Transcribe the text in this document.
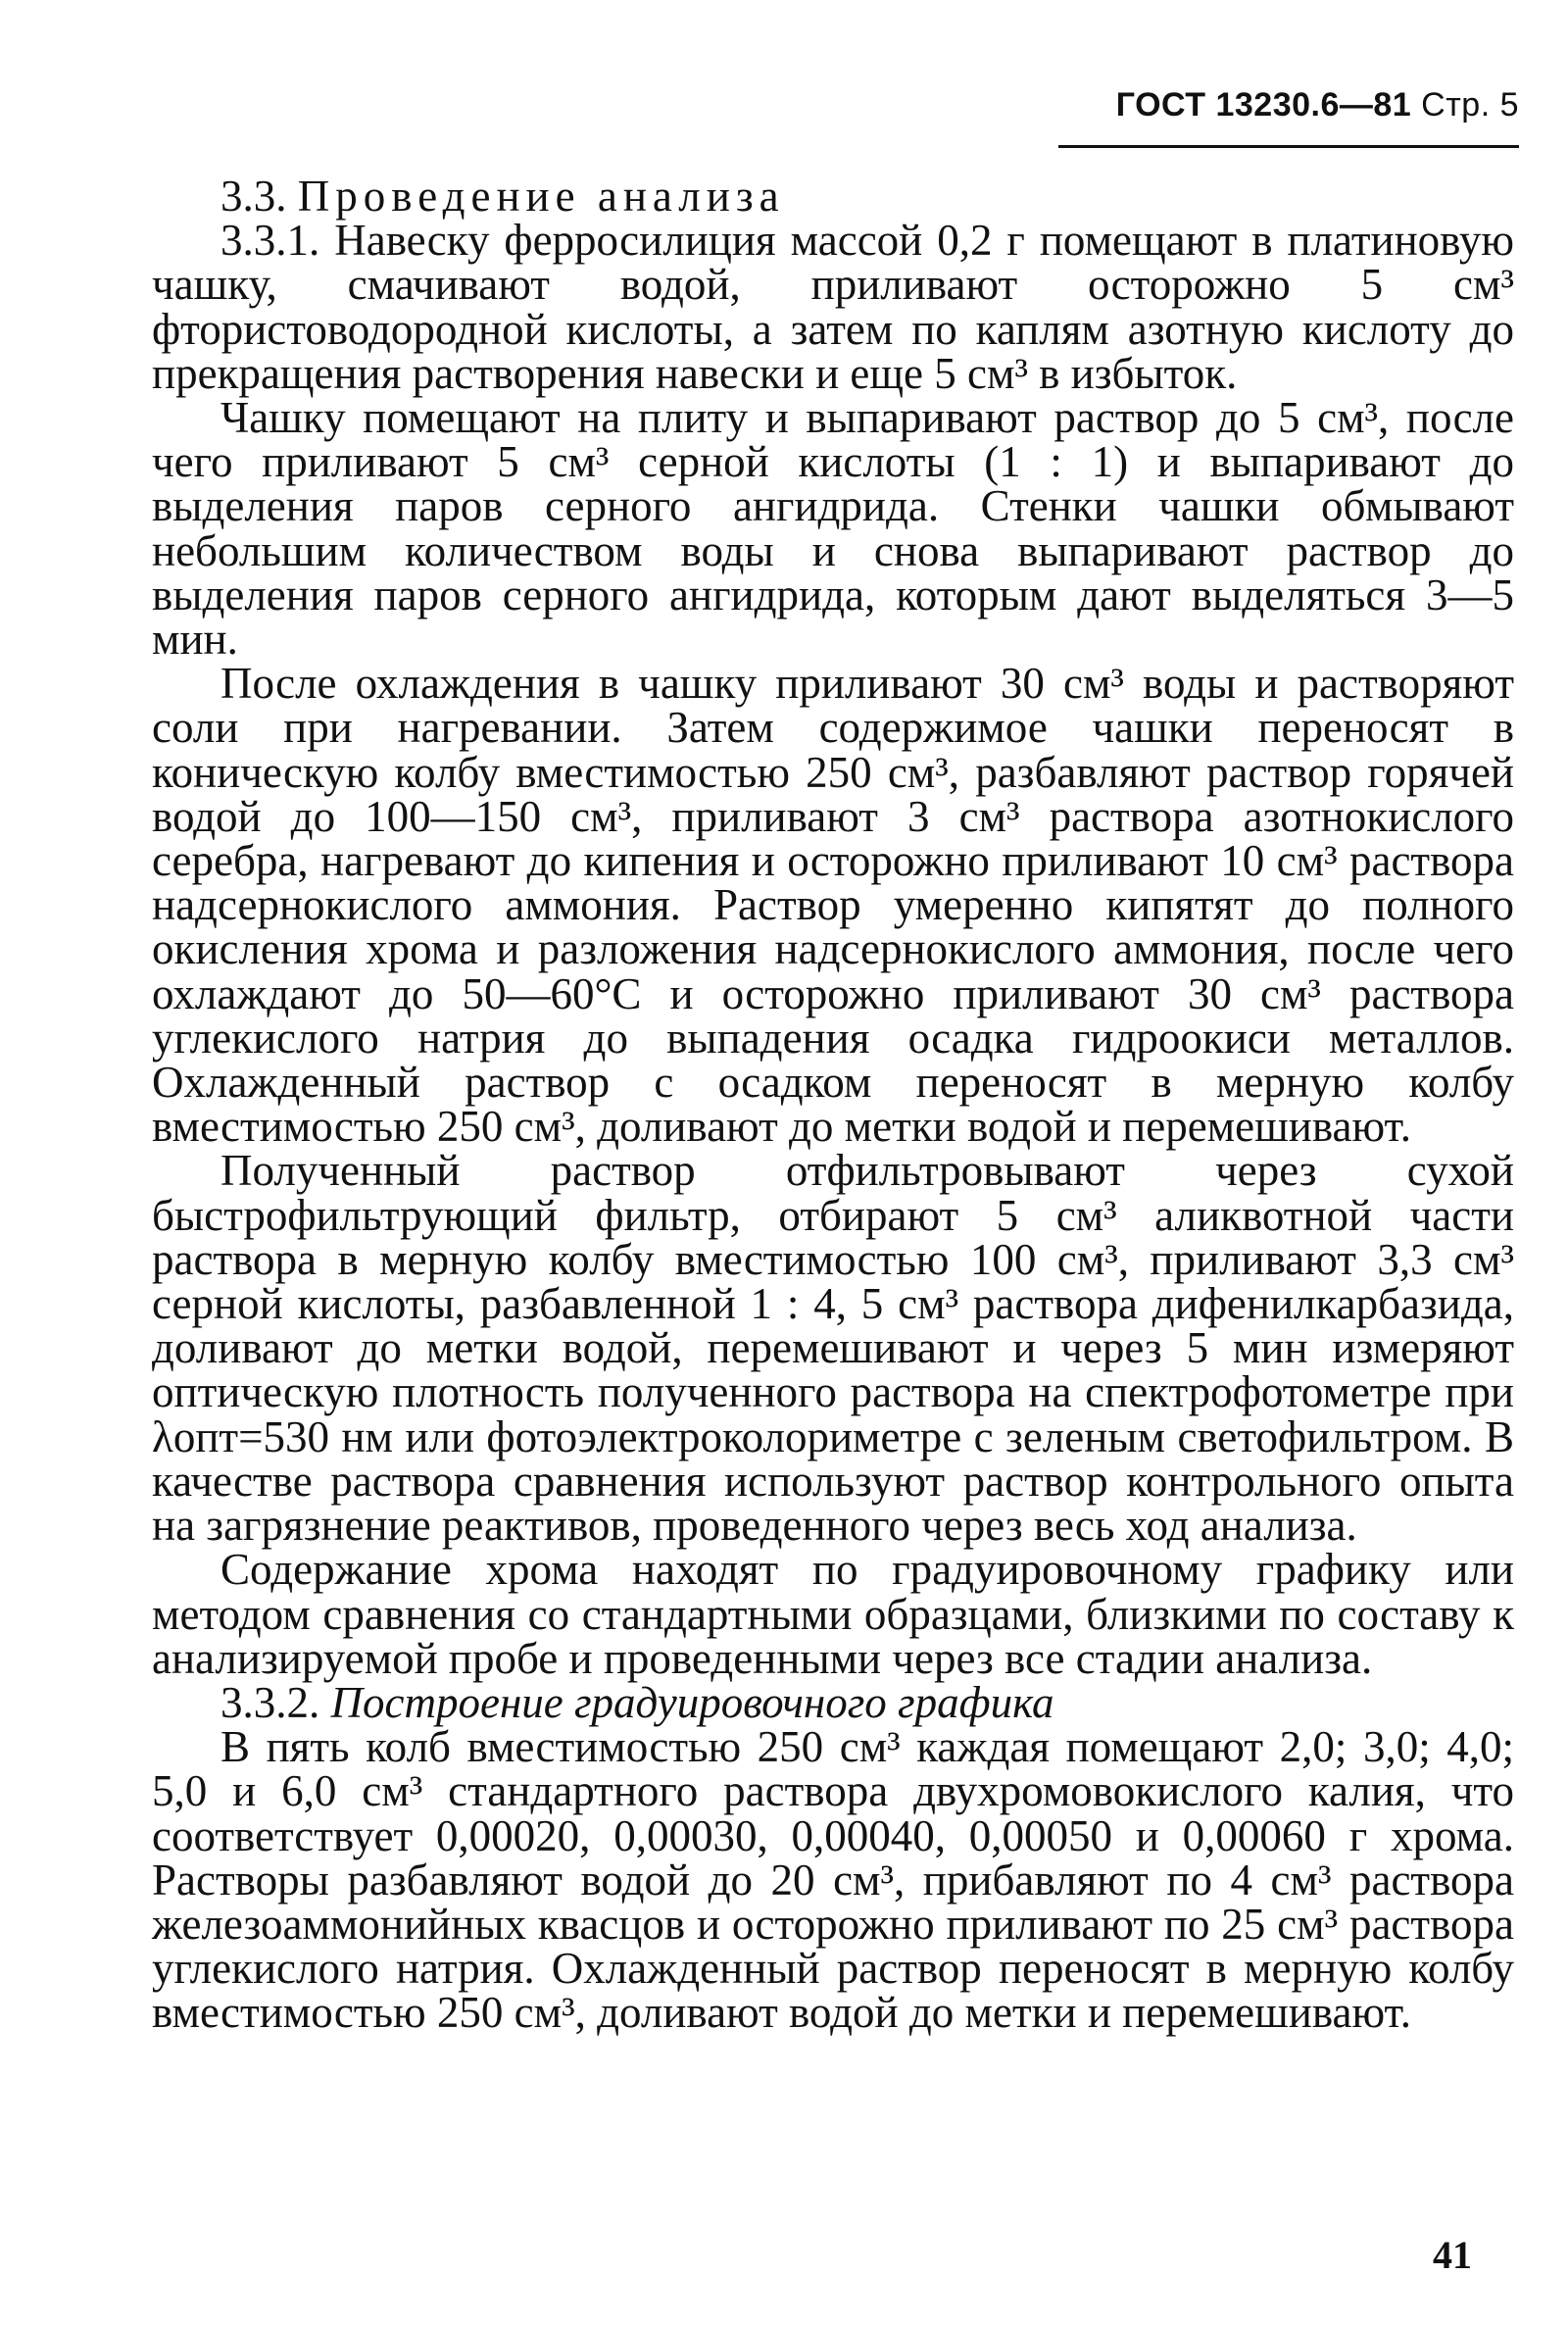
ГОСТ 13230.6—81 Стр. 5

3.3. Проведение анализа

3.3.1. Навеску ферросилиция массой 0,2 г помещают в платиновую чашку, смачивают водой, приливают осторожно 5 см³ фтористоводородной кислоты, а затем по каплям азотную кислоту до прекращения растворения навески и еще 5 см³ в избыток.

Чашку помещают на плиту и выпаривают раствор до 5 см³, после чего приливают 5 см³ серной кислоты (1 : 1) и выпаривают до выделения паров серного ангидрида. Стенки чашки обмывают небольшим количеством воды и снова выпаривают раствор до выделения паров серного ангидрида, которым дают выделяться 3—5 мин.

После охлаждения в чашку приливают 30 см³ воды и растворяют соли при нагревании. Затем содержимое чашки переносят в коническую колбу вместимостью 250 см³, разбавляют раствор горячей водой до 100—150 см³, приливают 3 см³ раствора азотнокислого серебра, нагревают до кипения и осторожно приливают 10 см³ раствора надсернокислого аммония. Раствор умеренно кипятят до полного окисления хрома и разложения надсернокислого аммония, после чего охлаждают до 50—60°С и осторожно приливают 30 см³ раствора углекислого натрия до выпадения осадка гидроокиси металлов. Охлажденный раствор с осадком переносят в мерную колбу вместимостью 250 см³, доливают до метки водой и перемешивают.

Полученный раствор отфильтровывают через сухой быстрофильтрующий фильтр, отбирают 5 см³ аликвотной части раствора в мерную колбу вместимостью 100 см³, приливают 3,3 см³ серной кислоты, разбавленной 1 : 4, 5 см³ раствора дифенилкарбазида, доливают до метки водой, перемешивают и через 5 мин измеряют оптическую плотность полученного раствора на спектрофотометре при λопт=530 нм или фотоэлектроколориметре с зеленым светофильтром. В качестве раствора сравнения используют раствор контрольного опыта на загрязнение реактивов, проведенного через весь ход анализа.

Содержание хрома находят по градуировочному графику или методом сравнения со стандартными образцами, близкими по составу к анализируемой пробе и проведенными через все стадии анализа.

3.3.2. Построение градуировочного графика

В пять колб вместимостью 250 см³ каждая помещают 2,0; 3,0; 4,0; 5,0 и 6,0 см³ стандартного раствора двухромовокислого калия, что соответствует 0,00020, 0,00030, 0,00040, 0,00050 и 0,00060 г хрома. Растворы разбавляют водой до 20 см³, прибавляют по 4 см³ раствора железоаммонийных квасцов и осторожно приливают по 25 см³ раствора углекислого натрия. Охлажденный раствор переносят в мерную колбу вместимостью 250 см³, доливают водой до метки и перемешивают.

41
